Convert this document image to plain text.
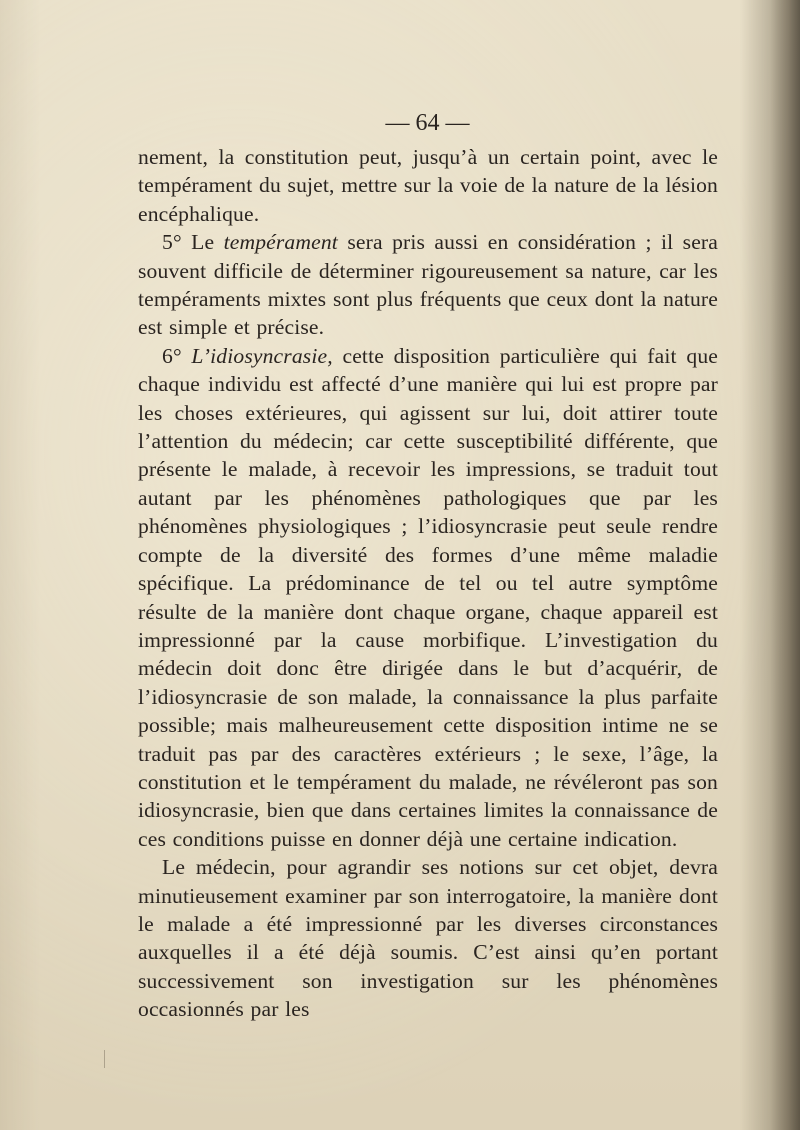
— 64 —

nement, la constitution peut, jusqu’à un certain point, avec le tempérament du sujet, mettre sur la voie de la nature de la lésion encéphalique.

5° Le tempérament sera pris aussi en considération ; il sera souvent difficile de déterminer rigoureusement sa nature, car les tempéraments mixtes sont plus fréquents que ceux dont la nature est simple et précise.

6° L’idiosyncrasie, cette disposition particulière qui fait que chaque individu est affecté d’une manière qui lui est propre par les choses extérieures, qui agissent sur lui, doit attirer toute l’attention du médecin; car cette susceptibilité différente, que présente le malade, à recevoir les impressions, se traduit tout autant par les phénomènes pathologiques que par les phénomènes physiologiques ; l’idiosyncrasie peut seule rendre compte de la diversité des formes d’une même maladie spécifique. La prédominance de tel ou tel autre symptôme résulte de la manière dont chaque organe, chaque appareil est impressionné par la cause morbifique. L’investigation du médecin doit donc être dirigée dans le but d’acquérir, de l’idiosyncrasie de son malade, la connaissance la plus parfaite possible; mais malheureusement cette disposition intime ne se traduit pas par des caractères extérieurs ; le sexe, l’âge, la constitution et le tempérament du malade, ne révéleront pas son idiosyncrasie, bien que dans certaines limites la connaissance de ces conditions puisse en donner déjà une certaine indication.

Le médecin, pour agrandir ses notions sur cet objet, devra minutieusement examiner par son interrogatoire, la manière dont le malade a été impressionné par les diverses circonstances auxquelles il a été déjà soumis. C’est ainsi qu’en portant successivement son investigation sur les phénomènes occasionnés par les
